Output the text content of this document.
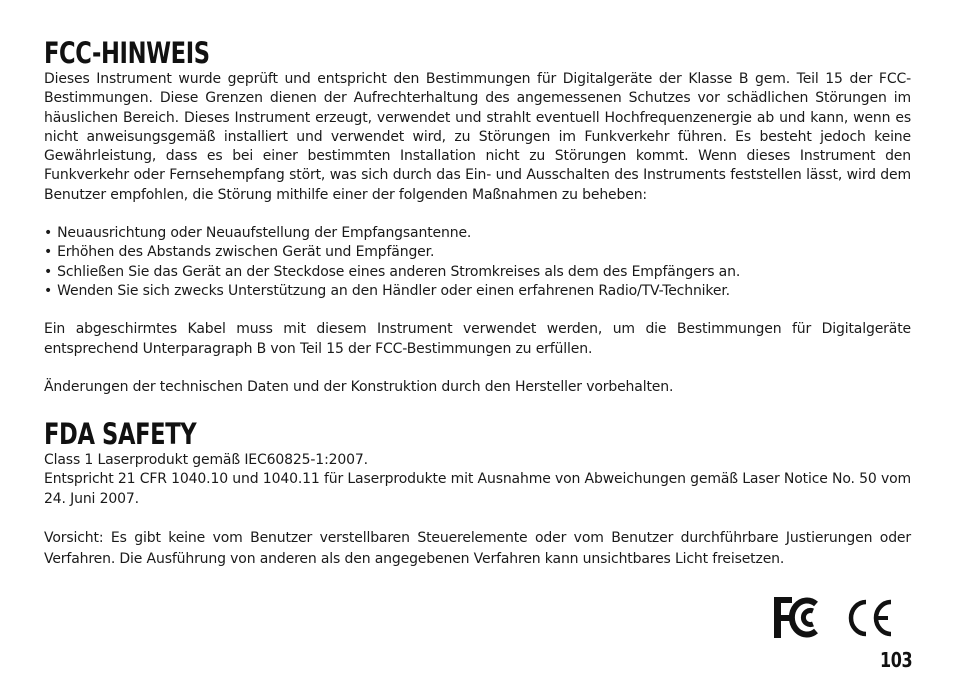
FCC-HINWEIS

Dieses Instrument wurde geprüft und entspricht den Bestimmungen für Digitalgeräte der Klasse B gem. Teil 15 der FCC-Bestimmungen. Diese Grenzen dienen der Aufrechterhaltung des angemessenen Schutzes vor schädlichen Störungen im häuslichen Bereich. Dieses Instrument erzeugt, verwendet und strahlt eventuell Hochfrequenzenergie ab und kann, wenn es nicht anweisungsgemäß installiert und verwendet wird, zu Störungen im Funkverkehr führen. Es besteht jedoch keine Gewährleistung, dass es bei einer bestimmten Installation nicht zu Störungen kommt. Wenn dieses Instrument den Funkverkehr oder Fernsehempfang stört, was sich durch das Ein- und Ausschalten des Instruments feststellen lässt, wird dem Benutzer empfohlen, die Störung mithilfe einer der folgenden Maßnahmen zu beheben:

• Neuausrichtung oder Neuaufstellung der Empfangsantenne.
• Erhöhen des Abstands zwischen Gerät und Empfänger.
• Schließen Sie das Gerät an der Steckdose eines anderen Stromkreises als dem des Empfängers an.
• Wenden Sie sich zwecks Unterstützung an den Händler oder einen erfahrenen Radio/TV-Techniker.

Ein abgeschirmtes Kabel muss mit diesem Instrument verwendet werden, um die Bestimmungen für Digitalgeräte entsprechend Unterparagraph B von Teil 15 der FCC-Bestimmungen zu erfüllen.

Änderungen der technischen Daten und der Konstruktion durch den Hersteller vorbehalten.

FDA SAFETY

Class 1 Laserprodukt gemäß IEC60825-1:2007.

Entspricht 21 CFR 1040.10 und 1040.11 für Laserprodukte mit Ausnahme von Abweichungen gemäß Laser Notice No. 50 vom 24. Juni 2007.

Vorsicht: Es gibt keine vom Benutzer verstellbaren Steuerelemente oder vom Benutzer durchführbare Justierungen oder Verfahren. Die Ausführung von anderen als den angegebenen Verfahren kann unsichtbares Licht freisetzen.

103
